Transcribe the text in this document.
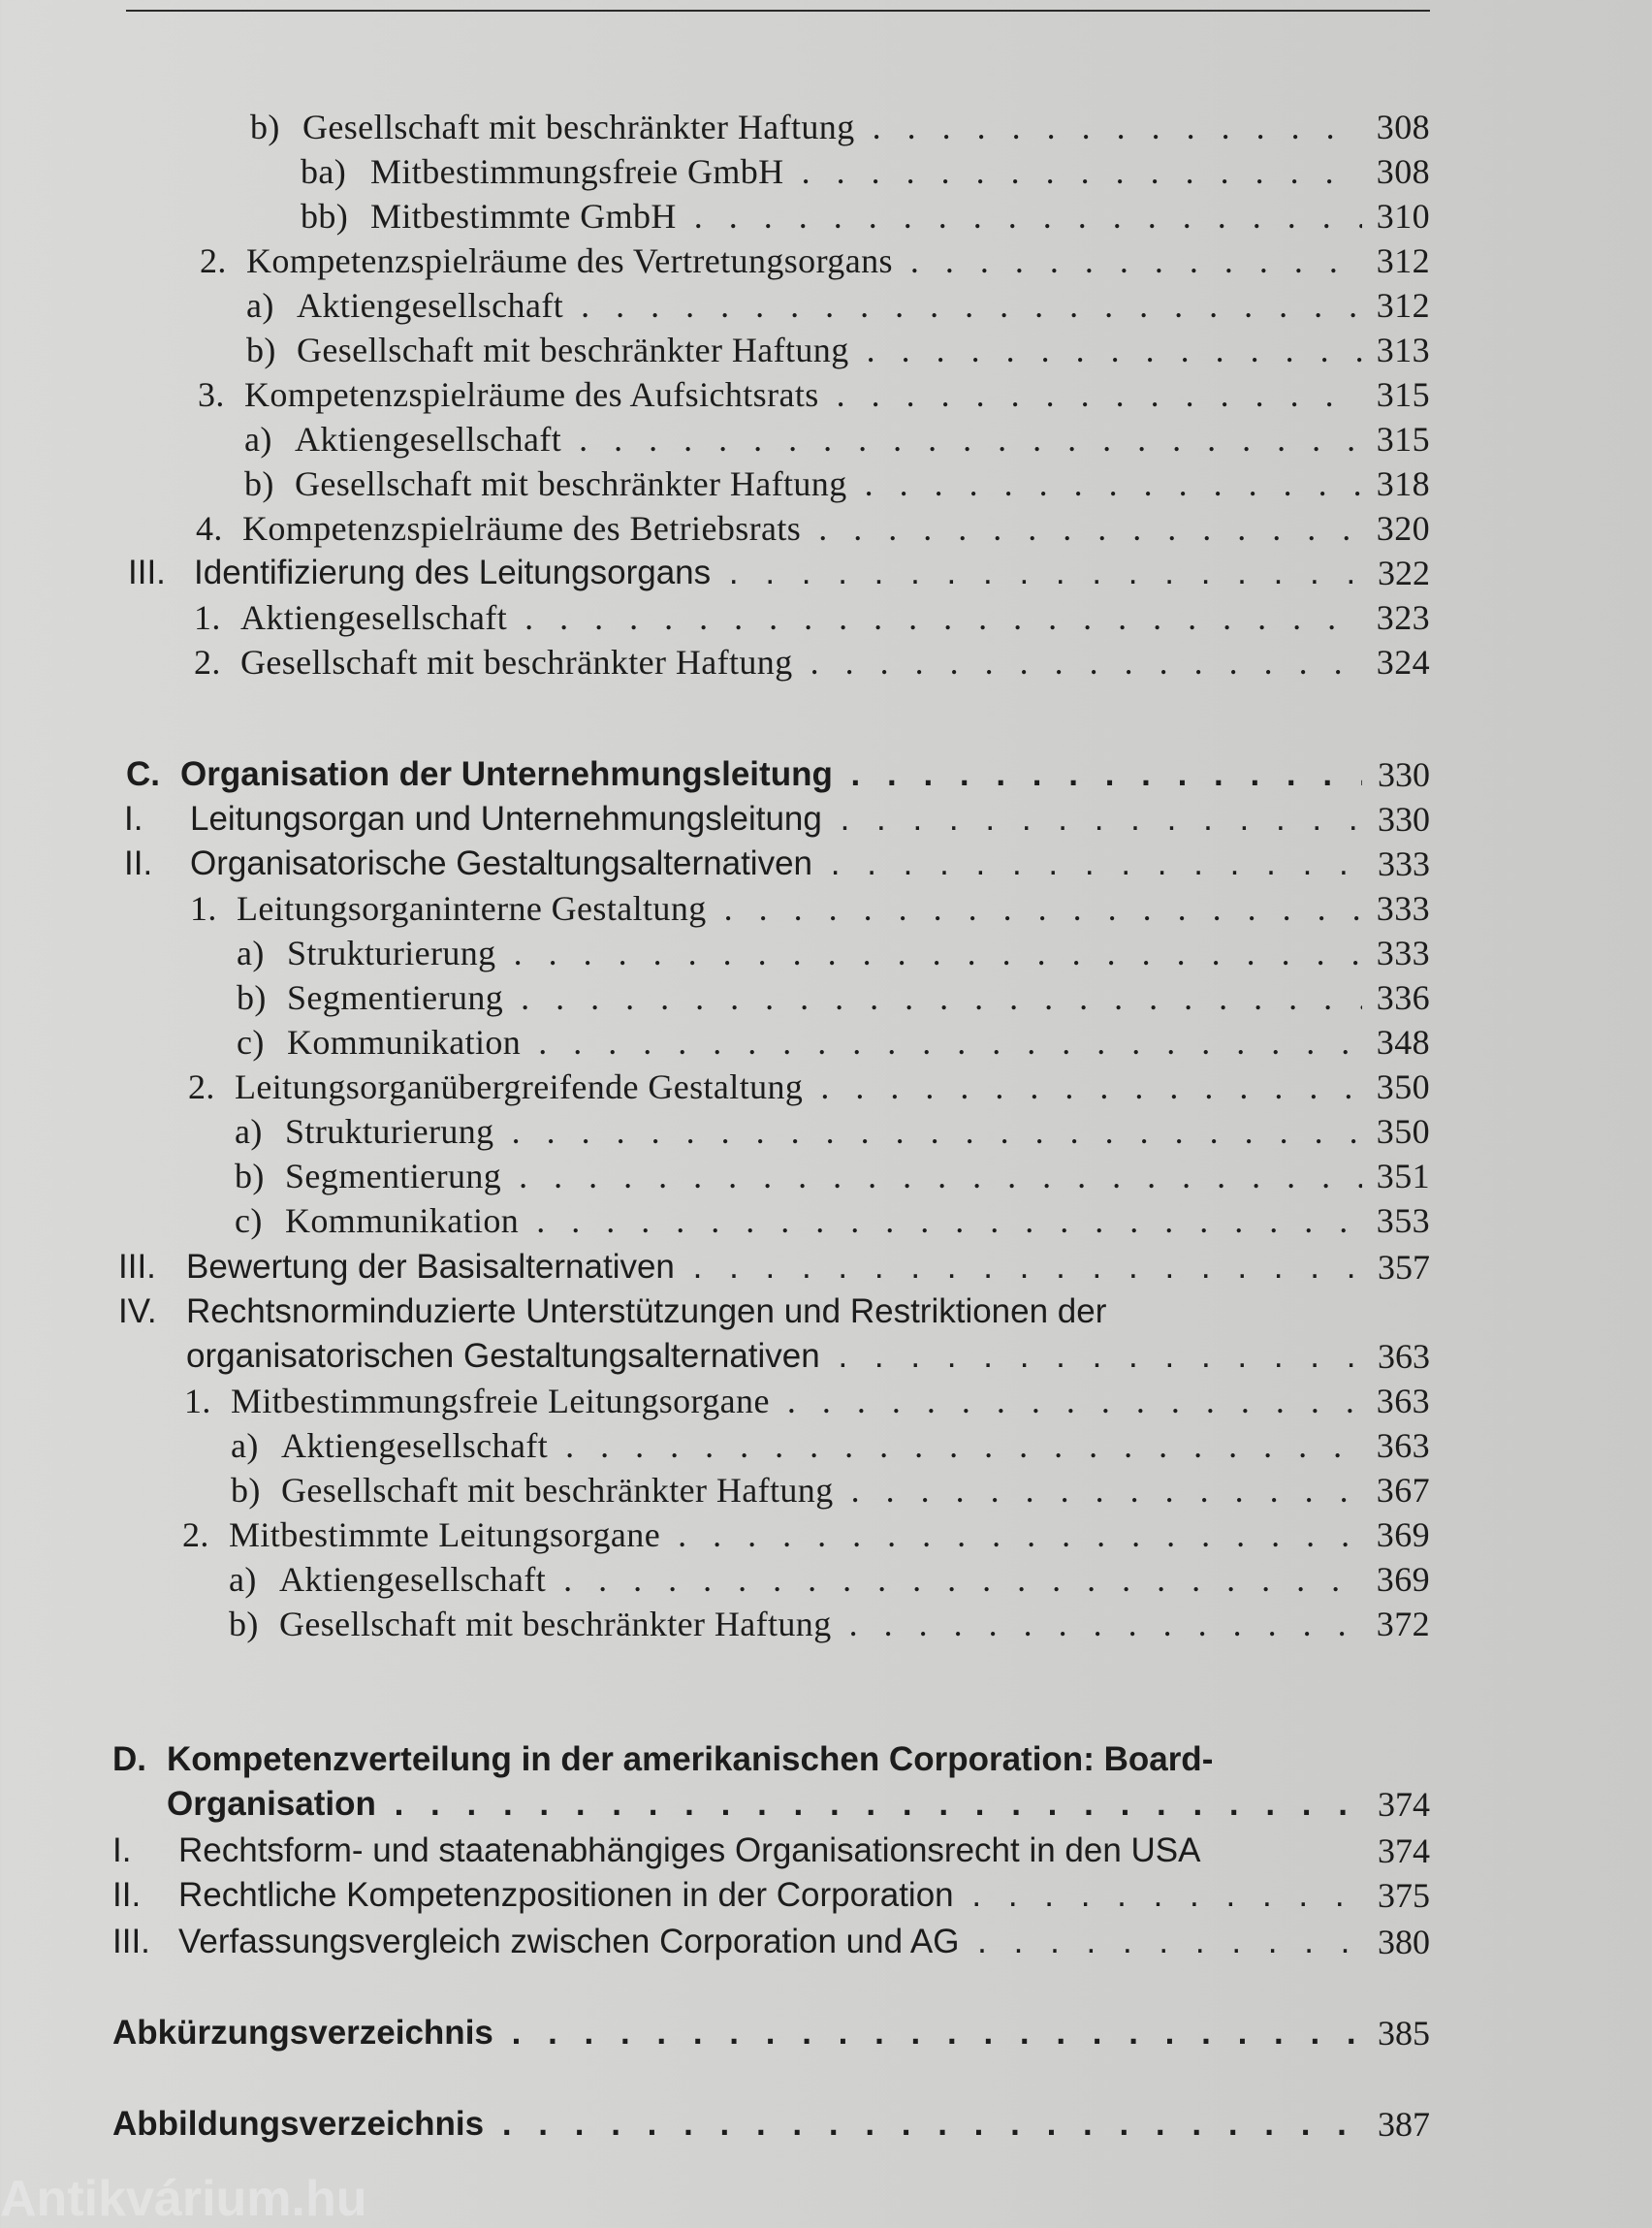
b) Gesellschaft mit beschränkter Haftung . . .	308
ba) Mitbestimmungsfreie GmbH . . .	308
bb) Mitbestimmte GmbH . . .	310
2. Kompetenzspielräume des Vertretungsorgans . . .	312
a) Aktiengesellschaft . . .	312
b) Gesellschaft mit beschränkter Haftung . . .	313
3. Kompetenzspielräume des Aufsichtsrats . . .	315
a) Aktiengesellschaft . . .	315
b) Gesellschaft mit beschränkter Haftung . . .	318
4. Kompetenzspielräume des Betriebsrats . . .	320
III. Identifizierung des Leitungsorgans . . .	322
1. Aktiengesellschaft . . .	323
2. Gesellschaft mit beschränkter Haftung . . .	324
C. Organisation der Unternehmungsleitung . . .	330
I. Leitungsorgan und Unternehmungsleitung . . .	330
II. Organisatorische Gestaltungsalternativen . . .	333
1. Leitungsorganinterne Gestaltung . . .	333
a) Strukturierung . . .	333
b) Segmentierung . . .	336
c) Kommunikation . . .	348
2. Leitungsorganübergreifende Gestaltung . . .	350
a) Strukturierung . . .	350
b) Segmentierung . . .	351
c) Kommunikation . . .	353
III. Bewertung der Basisalternativen . . .	357
IV. Rechtsnorminduzierte Unterstützungen und Restriktionen der
organisatorischen Gestaltungsalternativen . . .	363
1. Mitbestimmungsfreie Leitungsorgane . . .	363
a) Aktiengesellschaft . . .	363
b) Gesellschaft mit beschränkter Haftung . . .	367
2. Mitbestimmte Leitungsorgane . . .	369
a) Aktiengesellschaft . . .	369
b) Gesellschaft mit beschränkter Haftung . . .	372
D. Kompetenzverteilung in der amerikanischen Corporation: Board-
Organisation . . .	374
I. Rechtsform- und staatenabhängiges Organisationsrecht in den USA	374
II. Rechtliche Kompetenzpositionen in der Corporation . . .	375
III. Verfassungsvergleich zwischen Corporation und AG . . .	380
Abkürzungsverzeichnis . . .	385
Abbildungsverzeichnis . . .	387
Antikvárium.hu
